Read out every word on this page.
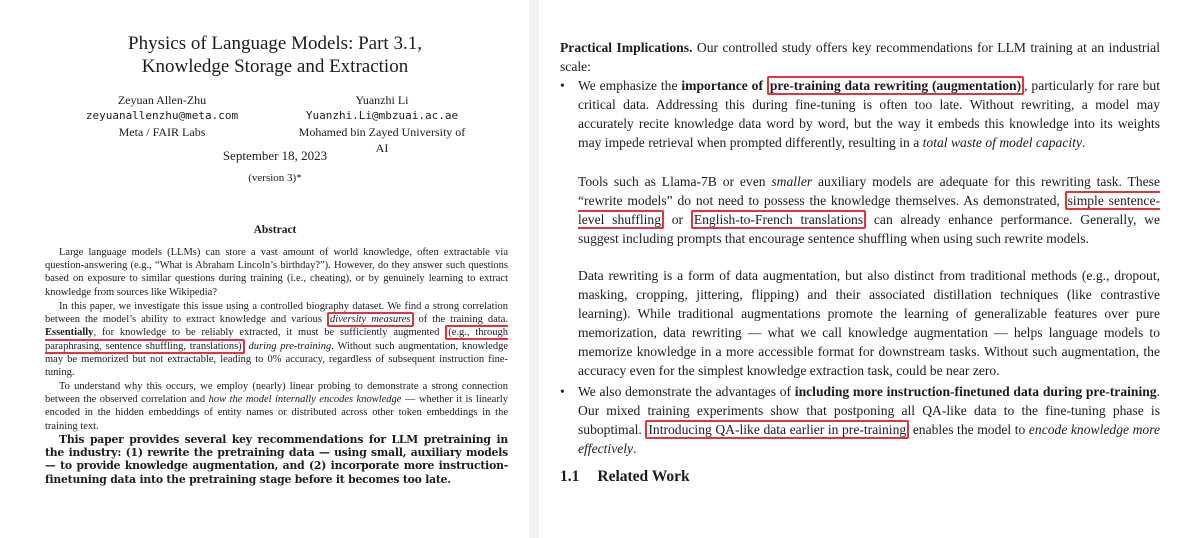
Physics of Language Models: Part 3.1,
Knowledge Storage and Extraction
Zeyuan Allen-Zhu
zeyuanallenzhu@meta.com
Meta / FAIR Labs
Yuanzhi Li
Yuanzhi.Li@mbzuai.ac.ae
Mohamed bin Zayed University of AI
September 18, 2023
(version 3)*
Abstract

Large language models (LLMs) can store a vast amount of world knowledge, often extractable via question-answering (e.g., “What is Abraham Lincoln’s birthday?”). However, do they answer such questions based on exposure to similar questions during training (i.e., cheating), or by genuinely learning to extract knowledge from sources like Wikipedia?

In this paper, we investigate this issue using a controlled biography dataset. We find a strong correlation between the model’s ability to extract knowledge and various diversity measures of the training data. Essentially, for knowledge to be reliably extracted, it must be sufficiently augmented (e.g., through paraphrasing, sentence shuffling, translations) during pre-training. Without such augmentation, knowledge may be memorized but not extractable, leading to 0% accuracy, regardless of subsequent instruction fine-tuning.

To understand why this occurs, we employ (nearly) linear probing to demonstrate a strong connection between the observed correlation and how the model internally encodes knowledge — whether it is linearly encoded in the hidden embeddings of entity names or distributed across other token embeddings in the training text.

This paper provides several key recommendations for LLM pretraining in the industry: (1) rewrite the pretraining data — using small, auxiliary models — to provide knowledge augmentation, and (2) incorporate more instruction-finetuning data into the pretraining stage before it becomes too late.

Practical Implications. Our controlled study offers key recommendations for LLM training at an industrial scale:
• We emphasize the importance of pre-training data rewriting (augmentation) , particularly for rare but critical data. Addressing this during fine-tuning is often too late. Without rewriting, a model may accurately recite knowledge data word by word, but the way it embeds this knowledge into its weights may impede retrieval when prompted differently, resulting in a total waste of model capacity.
Tools such as Llama-7B or even smaller auxiliary models are adequate for this rewriting task. These “rewrite models” do not need to possess the knowledge themselves. As demonstrated, simple sentence-level shuffling or English-to-French translations can already enhance performance. Generally, we suggest including prompts that encourage sentence shuffling when using such rewrite models.
Data rewriting is a form of data augmentation, but also distinct from traditional methods (e.g., dropout, masking, cropping, jittering, flipping) and their associated distillation techniques (like contrastive learning). While traditional augmentations promote the learning of generalizable features over pure memorization, data rewriting — what we call knowledge augmentation — helps language models to memorize knowledge in a more accessible format for downstream tasks. Without such augmentation, the accuracy even for the simplest knowledge extraction task, could be near zero.
• We also demonstrate the advantages of including more instruction-finetuned data during pre-training. Our mixed training experiments show that postponing all QA-like data to the fine-tuning phase is suboptimal. Introducing QA-like data earlier in pre-training enables the model to encode knowledge more effectively.
1.1 Related Work
